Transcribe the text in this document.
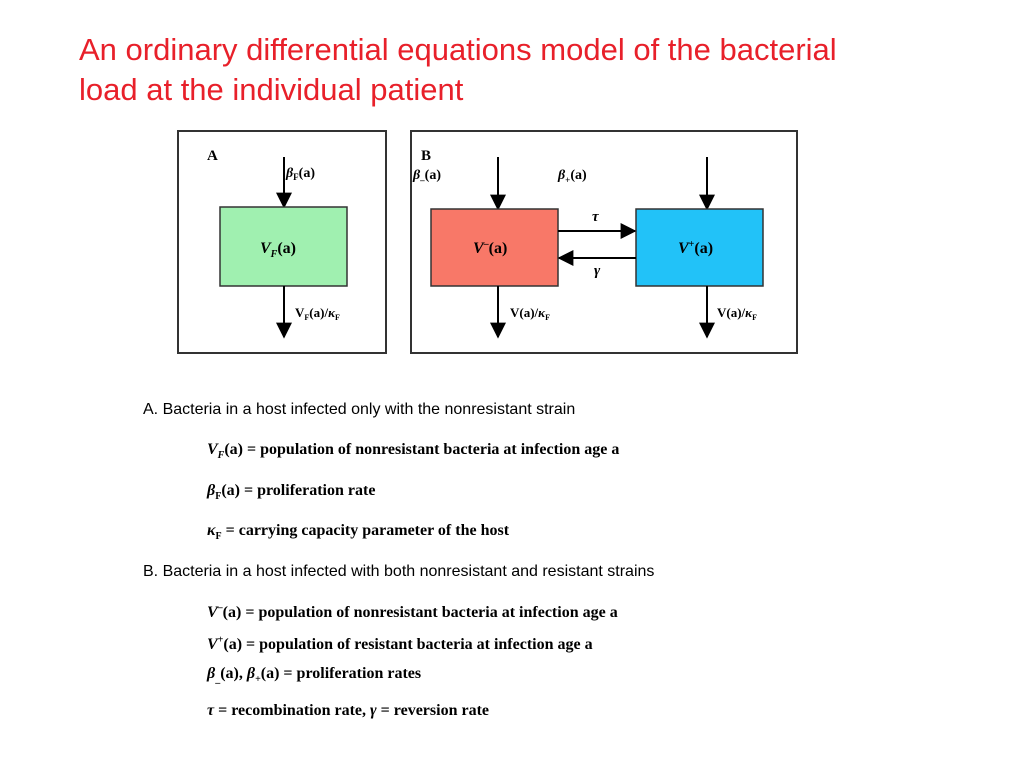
An ordinary differential equations model of the bacterial
load at the individual patient
A
$\beta_F(a)$
$V_F(a)$
$V_F(a)/\kappa_F$
B
$\beta_-(a)$	$\beta_+(a)$
V–(a)	V+(a)
τ
γ
$V(a)/\kappa_F$	$V(a)/\kappa_F$
A. Bacteria in a host infected only with the nonresistant strain
$V_F(a)$ = population of nonresistant bacteria at infection age a
$\beta_F(a)$ = proliferation rate
$\kappa_F$ = carrying capacity parameter of the host
B. Bacteria in a host infected with both nonresistant and resistant strains
V–(a) = population of nonresistant bacteria at infection age a
V+(a) = population of resistant bacteria at infection age a
$\beta_{\_}(a)$, $\beta_+(a)$ = proliferation rates
τ = recombination rate, γ = reversion rate
